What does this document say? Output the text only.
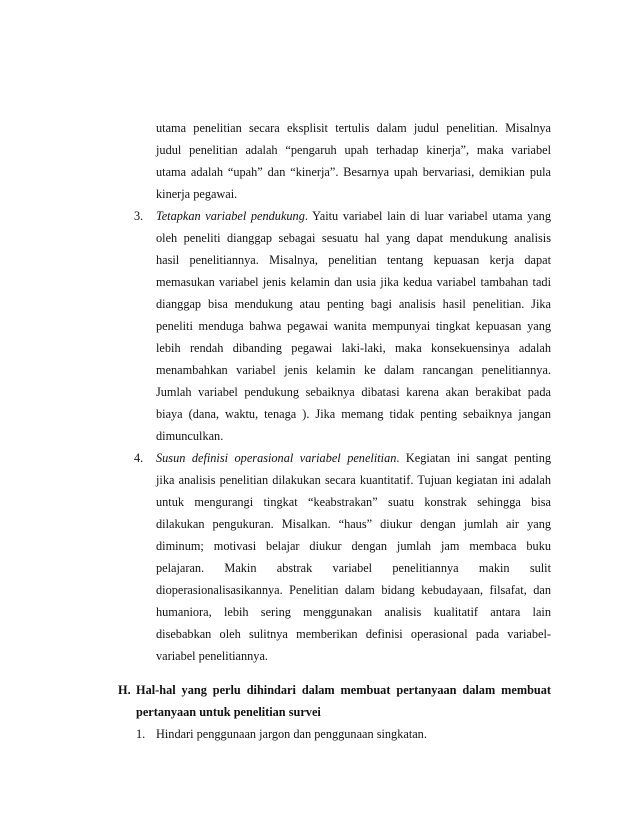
utama penelitian secara eksplisit tertulis dalam judul penelitian. Misalnya
judul penelitian adalah “pengaruh upah terhadap kinerja”, maka variabel
utama adalah “upah” dan “kinerja”. Besarnya upah bervariasi, demikian pula
kinerja pegawai.
3. Tetapkan variabel pendukung. Yaitu variabel lain di luar variabel utama yang
oleh peneliti dianggap sebagai sesuatu hal yang dapat mendukung analisis
hasil penelitiannya. Misalnya, penelitian tentang kepuasan kerja dapat
memasukan variabel jenis kelamin dan usia jika kedua variabel tambahan tadi
dianggap bisa mendukung atau penting bagi analisis hasil penelitian. Jika
peneliti menduga bahwa pegawai wanita mempunyai tingkat kepuasan yang
lebih rendah dibanding pegawai laki-laki, maka konsekuensinya adalah
menambahkan variabel jenis kelamin ke dalam rancangan penelitiannya.
Jumlah variabel pendukung sebaiknya dibatasi karena akan berakibat pada
biaya (dana, waktu, tenaga ). Jika memang tidak penting sebaiknya jangan
dimunculkan.
4. Susun definisi operasional variabel penelitian. Kegiatan ini sangat penting
jika analisis penelitian dilakukan secara kuantitatif. Tujuan kegiatan ini adalah
untuk mengurangi tingkat “keabstrakan” suatu konstrak sehingga bisa
dilakukan pengukuran. Misalkan. “haus” diukur dengan jumlah air yang
diminum; motivasi belajar diukur dengan jumlah jam membaca buku
pelajaran. Makin abstrak variabel penelitiannya makin sulit
dioperasionalisasikannya. Penelitian dalam bidang kebudayaan, filsafat, dan
humaniora, lebih sering menggunakan analisis kualitatif antara lain
disebabkan oleh sulitnya memberikan definisi operasional pada variabel-
variabel penelitiannya.
H. Hal-hal yang perlu dihindari dalam membuat pertanyaan dalam membuat
pertanyaan untuk penelitian survei
1. Hindari penggunaan jargon dan penggunaan singkatan.
